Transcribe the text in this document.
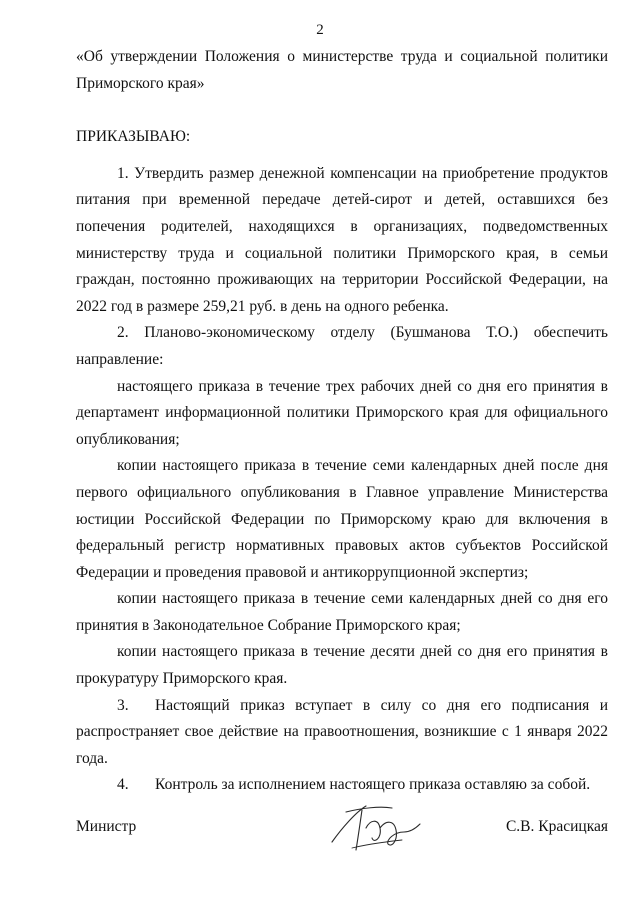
2

«Об утверждении Положения о министерстве труда и социальной политики Приморского края»

ПРИКАЗЫВАЮ:

1. Утвердить размер денежной компенсации на приобретение продуктов питания при временной передаче детей-сирот и детей, оставшихся без попечения родителей, находящихся в организациях, подведомственных министерству труда и социальной политики Приморского края, в семьи граждан, постоянно проживающих на территории Российской Федерации, на 2022 год в размере 259,21 руб. в день на одного ребенка.

2. Планово-экономическому отделу (Бушманова Т.О.) обеспечить направление:

настоящего приказа в течение трех рабочих дней со дня его принятия в департамент информационной политики Приморского края для официального опубликования;

копии настоящего приказа в течение семи календарных дней после дня первого официального опубликования в Главное управление Министерства юстиции Российской Федерации по Приморскому краю для включения в федеральный регистр нормативных правовых актов субъектов Российской Федерации и проведения правовой и антикоррупционной экспертиз;

копии настоящего приказа в течение семи календарных дней со дня его принятия в Законодательное Собрание Приморского края;

копии настоящего приказа в течение десяти дней со дня его принятия в прокуратуру Приморского края.

3. Настоящий приказ вступает в силу со дня его подписания и распространяет свое действие на правоотношения, возникшие с 1 января 2022 года.

4. Контроль за исполнением настоящего приказа оставляю за собой.

Министр	С.В. Красицкая
